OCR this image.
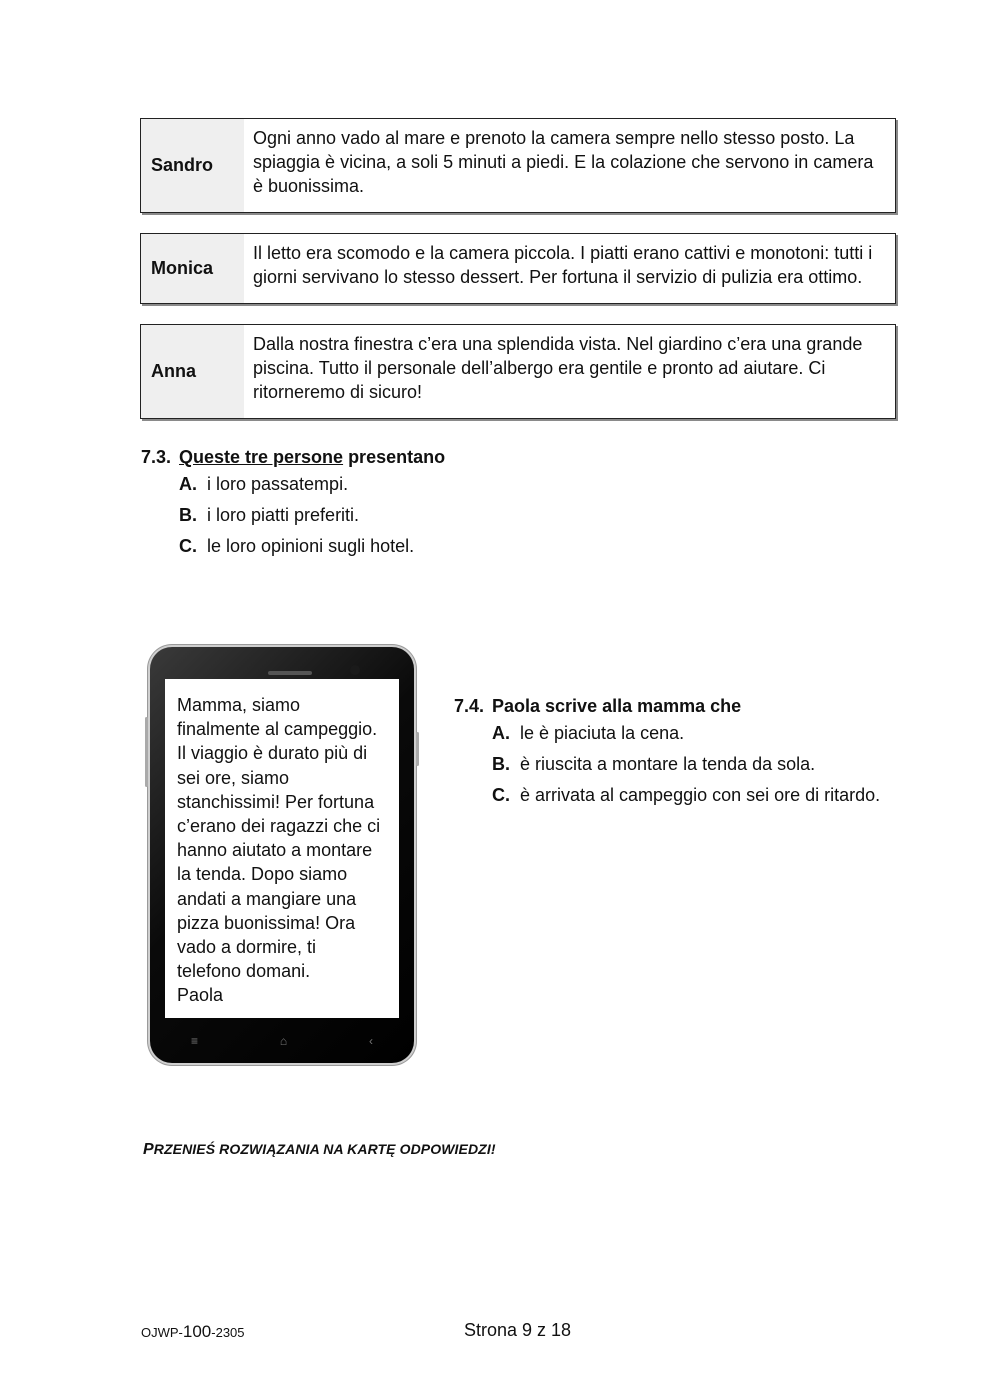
Sandro
Ogni anno vado al mare e prenoto la camera sempre nello stesso posto. La spiaggia è vicina, a soli 5 minuti a piedi. E la colazione che servono in camera è buonissima.
Monica
Il letto era scomodo e la camera piccola. I piatti erano cattivi e monotoni: tutti i giorni servivano lo stesso dessert. Per fortuna il servizio di pulizia era ottimo.
Anna
Dalla nostra finestra c’era una splendida vista. Nel giardino c’era una grande piscina. Tutto il personale dell’albergo era gentile e pronto ad aiutare. Ci ritorneremo di sicuro!
7.3. Queste tre persone presentano
A. i loro passatempi.
B. i loro piatti preferiti.
C. le loro opinioni sugli hotel.
Mamma, siamo
finalmente al campeggio.
Il viaggio è durato più di
sei ore, siamo
stanchissimi! Per fortuna
c’erano dei ragazzi che ci
hanno aiutato a montare
la tenda. Dopo siamo
andati a mangiare una
pizza buonissima! Ora
vado a dormire, ti
telefono domani.
Paola
≡	⌂	‹
7.4. Paola scrive alla mamma che
A. le è piaciuta la cena.
B. è riuscita a montare la tenda da sola.
C. è arrivata al campeggio con sei ore di ritardo.
PRZENIEŚ ROZWIĄZANIA NA KARTĘ ODPOWIEDZI!
OJWP-100-2305	Strona 9 z 18
